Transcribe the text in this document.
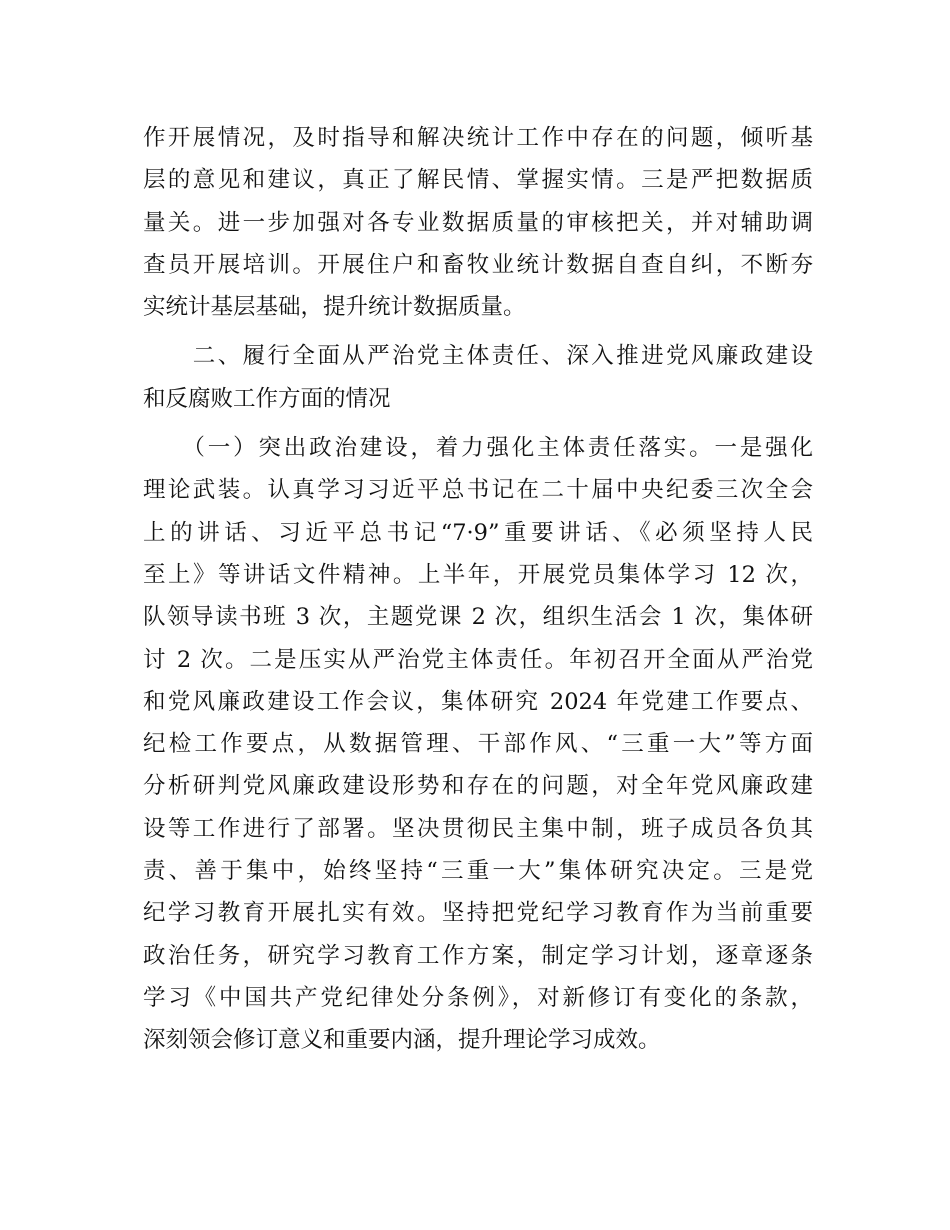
作开展情况，及时指导和解决统计工作中存在的问题，倾听基
层的意见和建议，真正了解民情、掌握实情。三是严把数据质
量关。进一步加强对各专业数据质量的审核把关，并对辅助调
查员开展培训。开展住户和畜牧业统计数据自查自纠，不断夯
实统计基层基础，提升统计数据质量。
　　二、履行全面从严治党主体责任、深入推进党风廉政建设
和反腐败工作方面的情况
　　（一）突出政治建设，着力强化主体责任落实。一是强化
理论武装。认真学习习近平总书记在二十届中央纪委三次全会
上的讲话、习近平总书记“7·9”重要讲话、《必须坚持人民
至上》等讲话文件精神。上半年，开展党员集体学习 12 次，
队领导读书班 3 次，主题党课 2 次，组织生活会 1 次，集体研
讨 2 次。二是压实从严治党主体责任。年初召开全面从严治党
和党风廉政建设工作会议，集体研究 2024 年党建工作要点、
纪检工作要点，从数据管理、干部作风、“三重一大”等方面
分析研判党风廉政建设形势和存在的问题，对全年党风廉政建
设等工作进行了部署。坚决贯彻民主集中制，班子成员各负其
责、善于集中，始终坚持“三重一大”集体研究决定。三是党
纪学习教育开展扎实有效。坚持把党纪学习教育作为当前重要
政治任务，研究学习教育工作方案，制定学习计划，逐章逐条
学习《中国共产党纪律处分条例》，对新修订有变化的条款，
深刻领会修订意义和重要内涵，提升理论学习成效。
